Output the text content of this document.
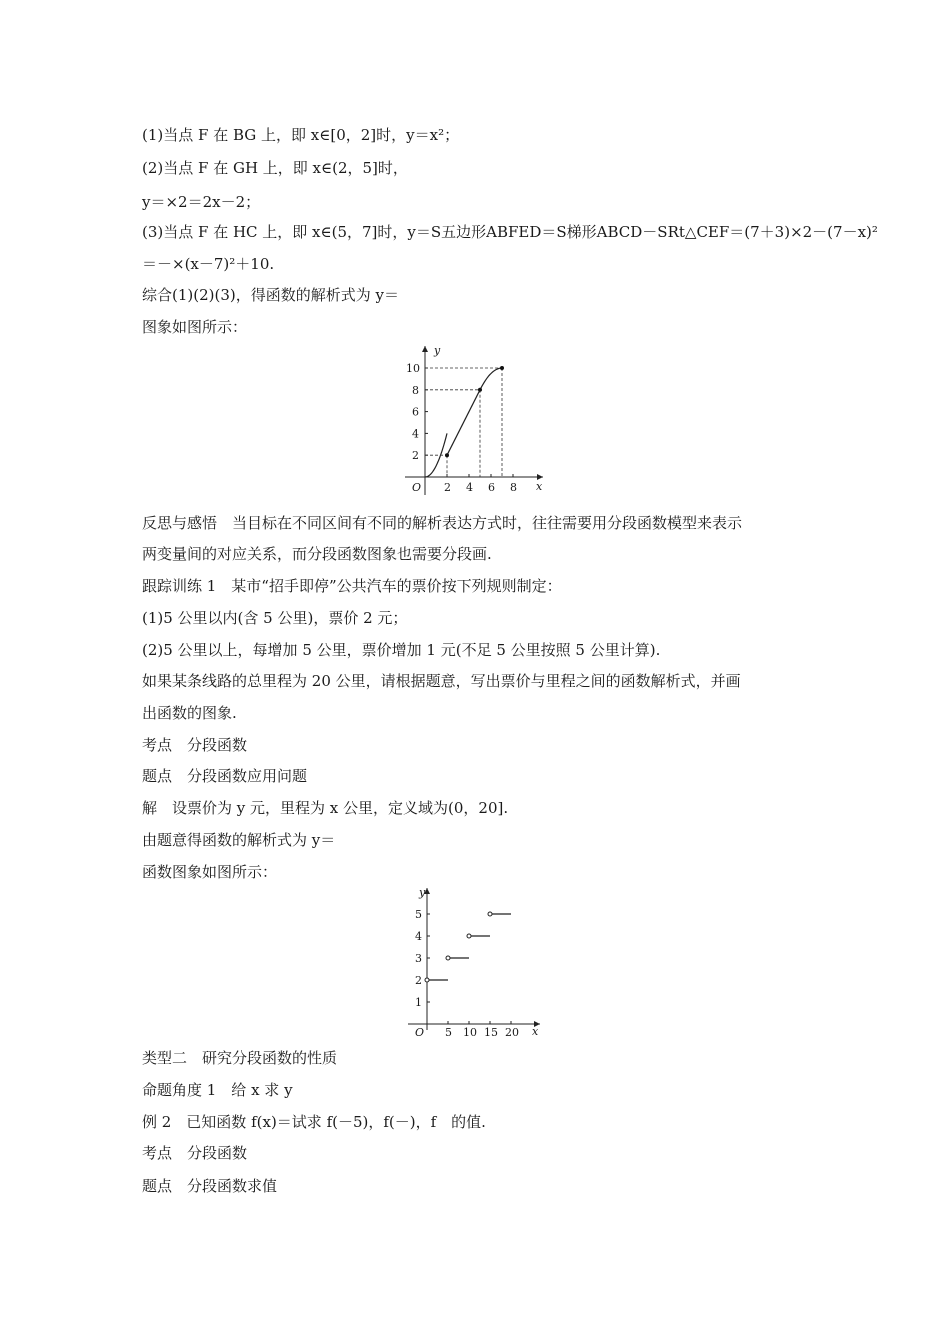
(1)当点 F 在 BG 上，即 x∈[0，2]时，y＝x²；
(2)当点 F 在 GH 上，即 x∈(2，5]时，
y＝×2＝2x－2；
(3)当点 F 在 HC 上，即 x∈(5，7]时，y＝S五边形ABFED＝S梯形ABCD－SRt△CEF＝(7＋3)×2－(7－x)²
＝－×(x－7)²＋10.
综合(1)(2)(3)，得函数的解析式为 y＝
图象如图所示：
y
x
O 2 4 6 8
2
4
6
8
10
反思与感悟　当目标在不同区间有不同的解析表达方式时，往往需要用分段函数模型来表示
两变量间的对应关系，而分段函数图象也需要分段画.
跟踪训练 1　某市“招手即停”公共汽车的票价按下列规则制定：
(1)5 公里以内(含 5 公里)，票价 2 元；
(2)5 公里以上，每增加 5 公里，票价增加 1 元(不足 5 公里按照 5 公里计算).
如果某条线路的总里程为 20 公里，请根据题意，写出票价与里程之间的函数解析式，并画
出函数的图象.
考点　分段函数
题点　分段函数应用问题
解　设票价为 y 元，里程为 x 公里，定义域为(0，20].
由题意得函数的解析式为 y＝
函数图象如图所示：
y
x
O 5 10 15 20
1
2
3
4
5
类型二　研究分段函数的性质
命题角度 1　给 x 求 y
例 2　已知函数 f(x)＝试求 f(－5)，f(－)，f　的值.
考点　分段函数
题点　分段函数求值
